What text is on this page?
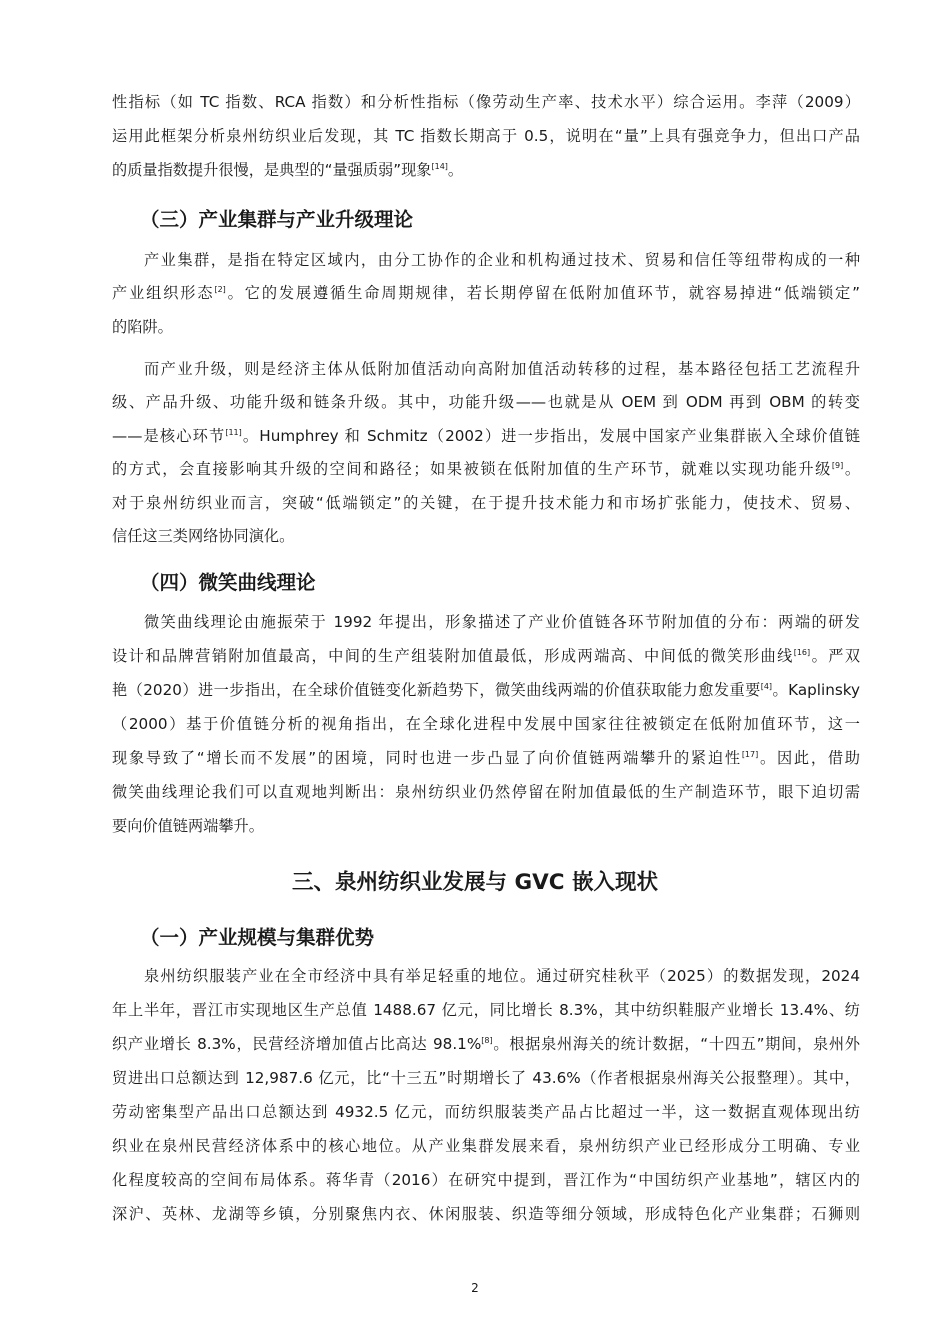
性指标（如 TC 指数、RCA 指数）和分析性指标（像劳动生产率、技术水平）综合运用。李萍（2009）
运用此框架分析泉州纺织业后发现，其 TC 指数长期高于 0.5，说明在“量”上具有强竞争力，但出口产品
的质量指数提升很慢，是典型的“量强质弱”现象[14]。
（三）产业集群与产业升级理论
产业集群，是指在特定区域内，由分工协作的企业和机构通过技术、贸易和信任等纽带构成的一种
产业组织形态[2]。它的发展遵循生命周期规律，若长期停留在低附加值环节，就容易掉进“低端锁定”
的陷阱。
而产业升级，则是经济主体从低附加值活动向高附加值活动转移的过程，基本路径包括工艺流程升
级、产品升级、功能升级和链条升级。其中，功能升级——也就是从 OEM 到 ODM 再到 OBM 的转变
——是核心环节[11]。Humphrey 和 Schmitz（2002）进一步指出，发展中国家产业集群嵌入全球价值链
的方式，会直接影响其升级的空间和路径；如果被锁在低附加值的生产环节，就难以实现功能升级[9]。
对于泉州纺织业而言，突破“低端锁定”的关键，在于提升技术能力和市场扩张能力，使技术、贸易、
信任这三类网络协同演化。
（四）微笑曲线理论
微笑曲线理论由施振荣于 1992 年提出，形象描述了产业价值链各环节附加值的分布：两端的研发
设计和品牌营销附加值最高，中间的生产组装附加值最低，形成两端高、中间低的微笑形曲线[16]。严双
艳（2020）进一步指出，在全球价值链变化新趋势下，微笑曲线两端的价值获取能力愈发重要[4]。Kaplinsky
（2000）基于价值链分析的视角指出，在全球化进程中发展中国家往往被锁定在低附加值环节，这一
现象导致了“增长而不发展”的困境，同时也进一步凸显了向价值链两端攀升的紧迫性[17]。因此，借助
微笑曲线理论我们可以直观地判断出：泉州纺织业仍然停留在附加值最低的生产制造环节，眼下迫切需
要向价值链两端攀升。
三、泉州纺织业发展与 GVC 嵌入现状
（一）产业规模与集群优势
泉州纺织服装产业在全市经济中具有举足轻重的地位。通过研究桂秋平（2025）的数据发现，2024
年上半年，晋江市实现地区生产总值 1488.67 亿元，同比增长 8.3%，其中纺织鞋服产业增长 13.4%、纺
织产业增长 8.3%，民营经济增加值占比高达 98.1%[8]。根据泉州海关的统计数据，“十四五”期间，泉州外
贸进出口总额达到 12,987.6 亿元，比“十三五”时期增长了 43.6%（作者根据泉州海关公报整理）。其中，
劳动密集型产品出口总额达到 4932.5 亿元，而纺织服装类产品占比超过一半，这一数据直观体现出纺
织业在泉州民营经济体系中的核心地位。从产业集群发展来看，泉州纺织产业已经形成分工明确、专业
化程度较高的空间布局体系。蒋华青（2016）在研究中提到，晋江作为“中国纺织产业基地”，辖区内的
深沪、英林、龙湖等乡镇，分别聚焦内衣、休闲服装、织造等细分领域，形成特色化产业集群；石狮则
2
